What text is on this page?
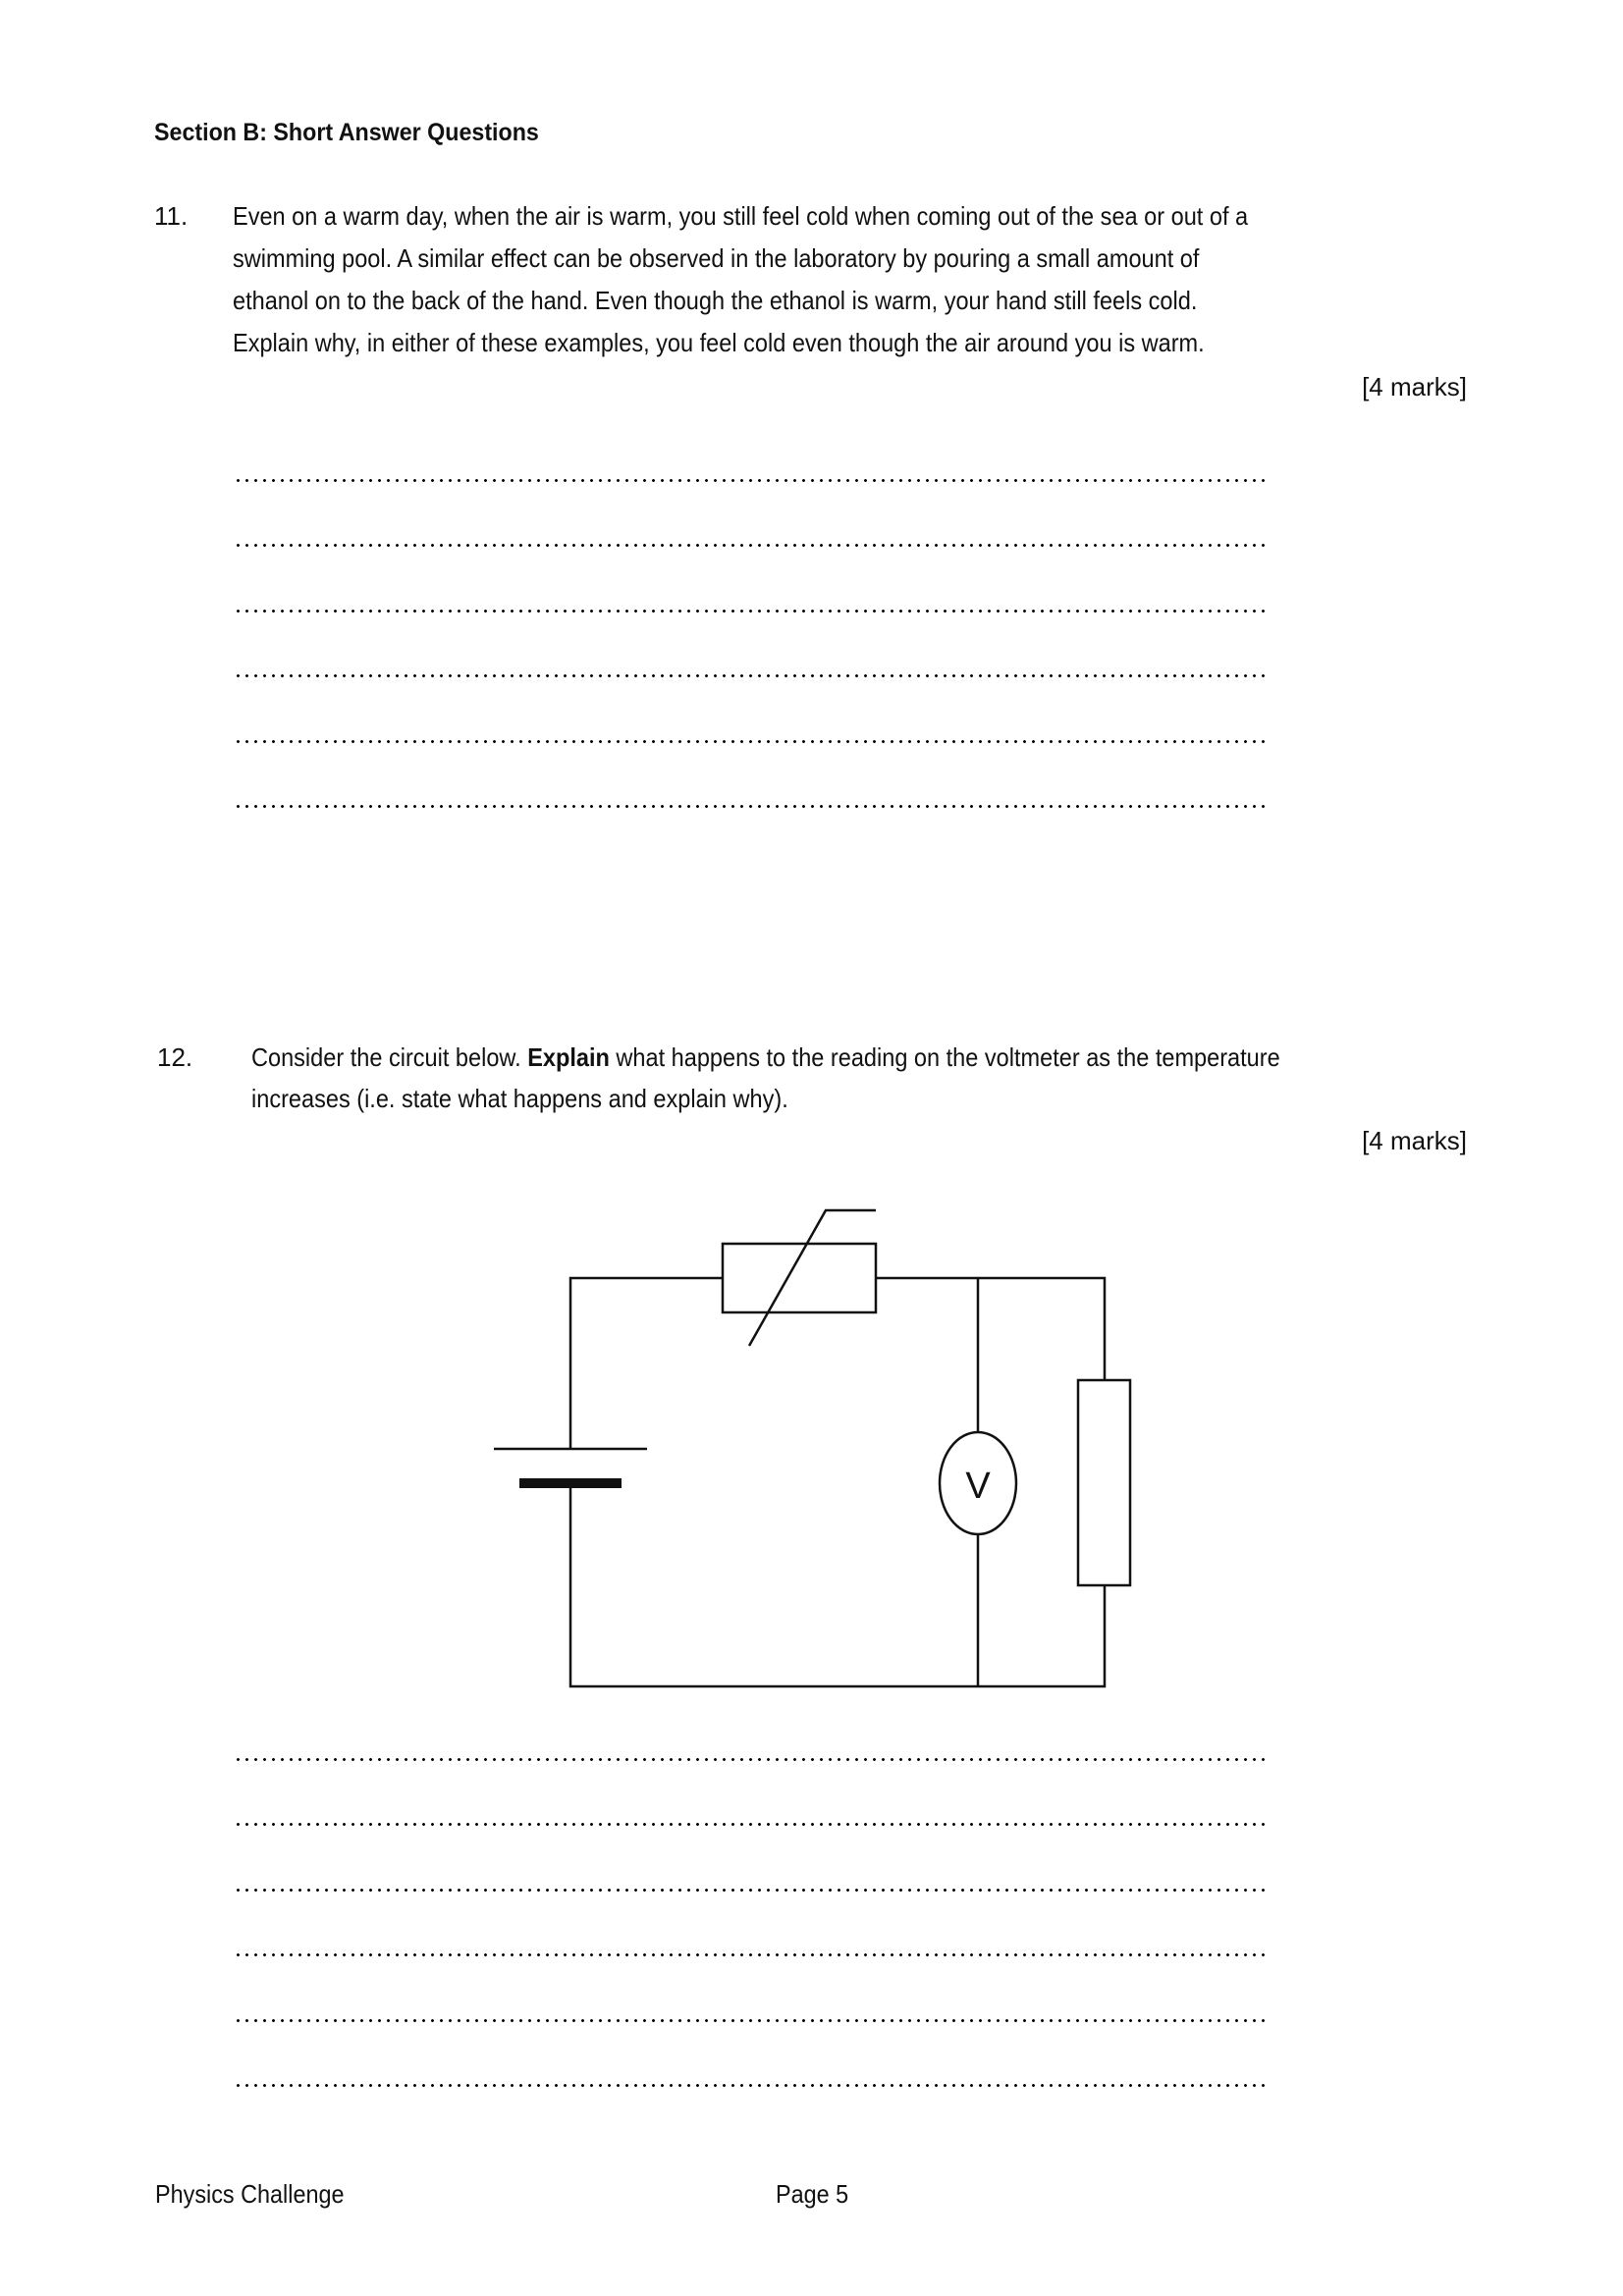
Section B: Short Answer Questions
11. Even on a warm day, when the air is warm, you still feel cold when coming out of the sea or out of a
swimming pool. A similar effect can be observed in the laboratory by pouring a small amount of
ethanol on to the back of the hand. Even though the ethanol is warm, your hand still feels cold.
Explain why, in either of these examples, you feel cold even though the air around you is warm.
[4 marks]
12. Consider the circuit below. Explain what happens to the reading on the voltmeter as the temperature
increases (i.e. state what happens and explain why).
[4 marks]
V
Physics Challenge	Page 5
